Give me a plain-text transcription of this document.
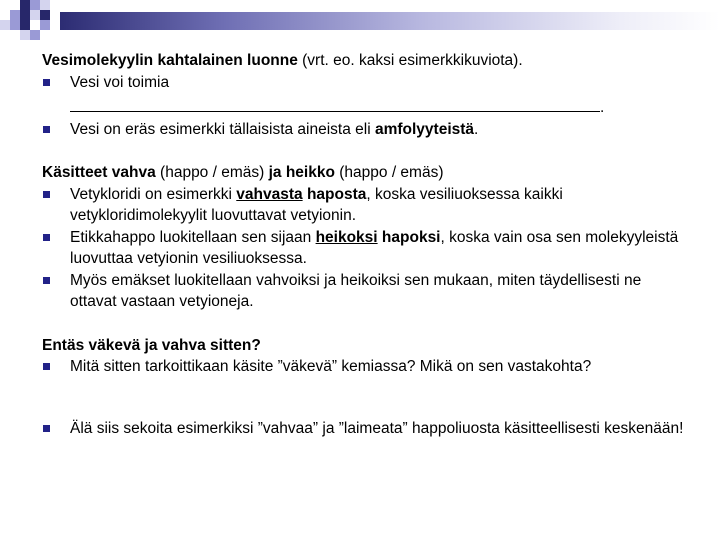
Vesimolekyylin kahtalainen luonne (vrt. eo. kaksi esimerkkikuviota).

Vesi voi toimia
.

Vesi on eräs esimerkki tällaisista aineista eli amfolyyteistä.

Käsitteet vahva (happo / emäs) ja heikko (happo / emäs)

Vetykloridi on esimerkki vahvasta haposta, koska vesiliuoksessa kaikki vetykloridimolekyylit luovuttavat vetyionin.

Etikkahappo luokitellaan sen sijaan heikoksi hapoksi, koska vain osa sen molekyyleistä luovuttaa vetyionin vesiliuoksessa.

Myös emäkset luokitellaan vahvoiksi ja heikoiksi sen mukaan, miten täydellisesti ne ottavat vastaan vetyioneja.

Entäs väkevä ja vahva sitten?

Mitä sitten tarkoittikaan käsite ”väkevä” kemiassa? Mikä on sen vastakohta?

Älä siis sekoita esimerkiksi ”vahvaa” ja ”laimeata” happoliuosta käsitteellisesti keskenään!
